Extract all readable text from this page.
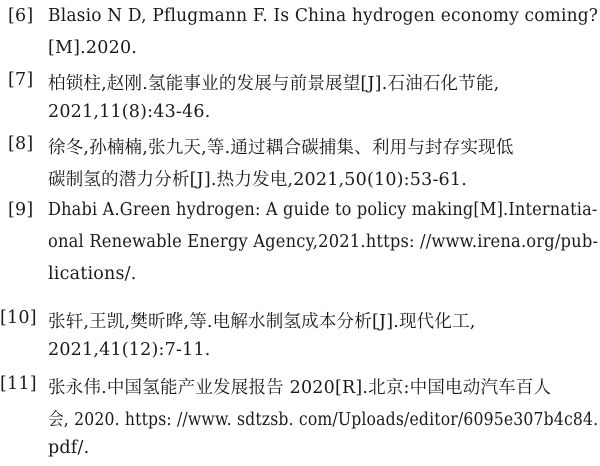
[6] Blasio N D, Pflugmann F. Is China hydrogen economy coming?
[M].2020.
[7] 柏锁柱,赵刚.氢能事业的发展与前景展望[J].石油石化节能,
2021,11(8):43-46.
[8] 徐冬,孙楠楠,张九天,等.通过耦合碳捕集、利用与封存实现低
碳制氢的潜力分析[J].热力发电,2021,50(10):53-61.
[9] Dhabi A.Green hydrogen: A guide to policy making[M].Internatia-
onal Renewable Energy Agency,2021.https: //www.irena.org/pub-
lications/.
[10] 张轩,王凯,樊昕晔,等.电解水制氢成本分析[J].现代化工,
2021,41(12):7-11.
[11] 张永伟.中国氢能产业发展报告 2020[R].北京:中国电动汽车百人
会, 2020. https: //www. sdtzsb. com/Uploads/editor/6095e307b4c84.
pdf/.
